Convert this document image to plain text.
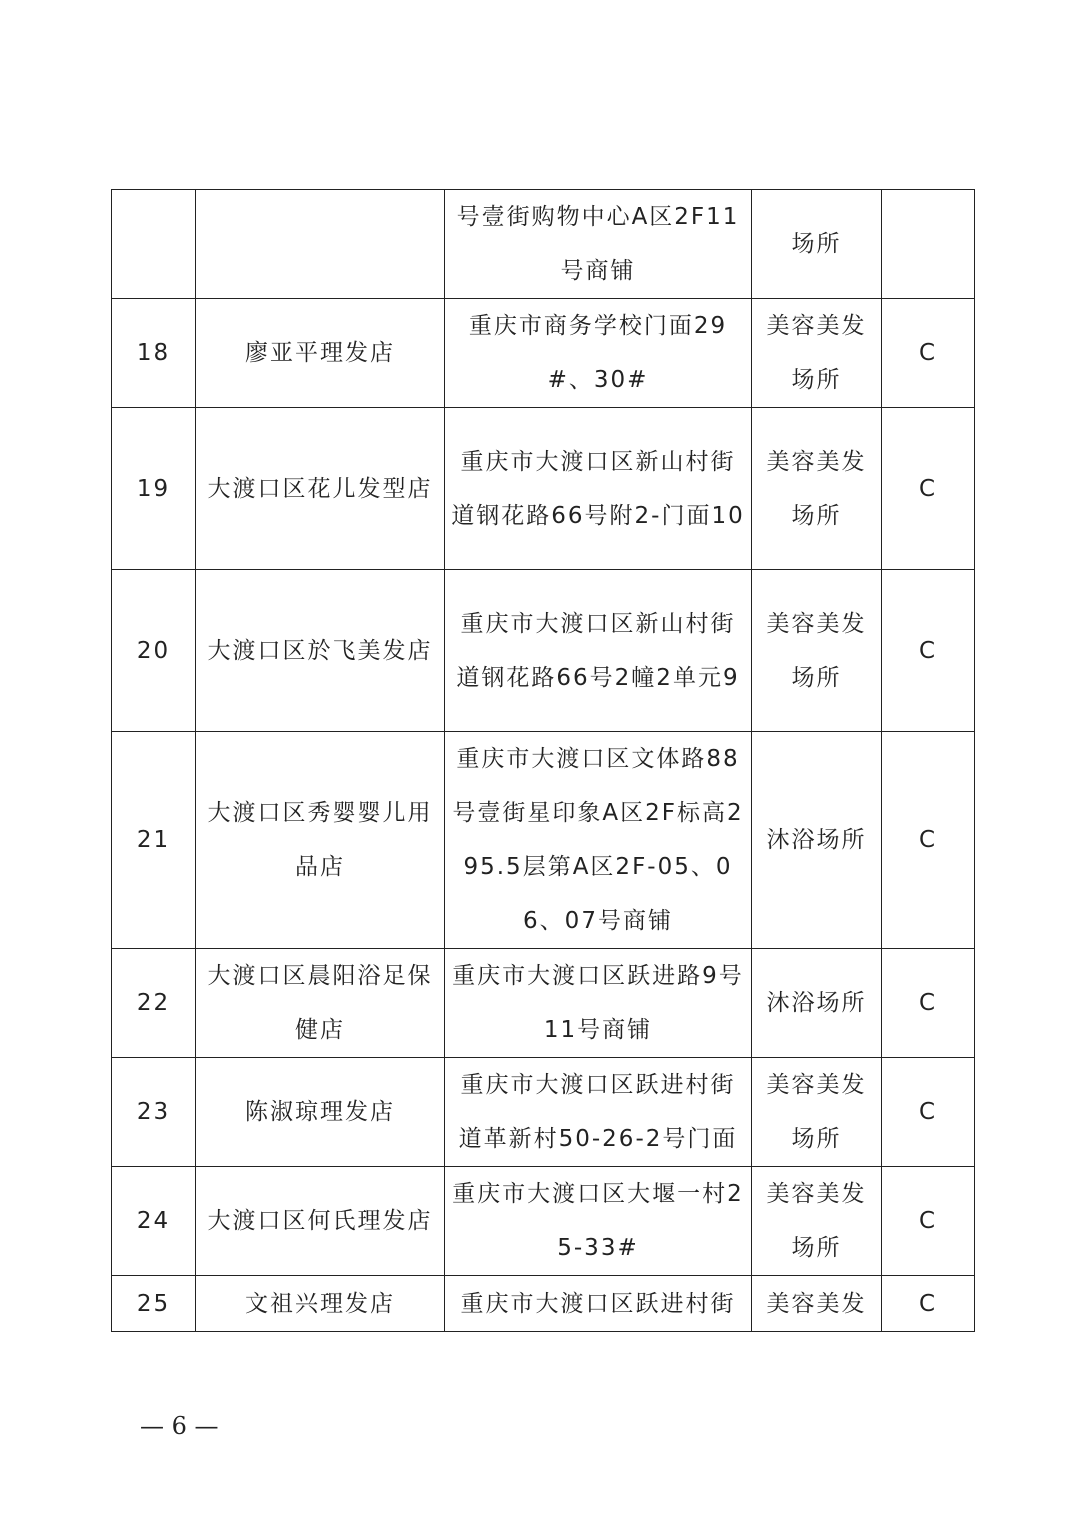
		号壹街购物中心A区2F11号商铺	场所	
18	廖亚平理发店	重庆市商务学校门面29#、30#	美容美发场所	C
19	大渡口区花儿发型店	重庆市大渡口区新山村街道钢花路66号附2-门面10	美容美发场所	C
20	大渡口区於飞美发店	重庆市大渡口区新山村街道钢花路66号2幢2单元9	美容美发场所	C
21	大渡口区秀婴婴儿用品店	重庆市大渡口区文体路88号壹街星印象A区2F标高295.5层第A区2F-05、06、07号商铺	沐浴场所	C
22	大渡口区晨阳浴足保健店	重庆市大渡口区跃进路9号11号商铺	沐浴场所	C
23	陈淑琼理发店	重庆市大渡口区跃进村街道革新村50-26-2号门面	美容美发场所	C
24	大渡口区何氏理发店	重庆市大渡口区大堰一村25-33#	美容美发场所	C
25	文祖兴理发店	重庆市大渡口区跃进村街	美容美发	C
— 6 —
